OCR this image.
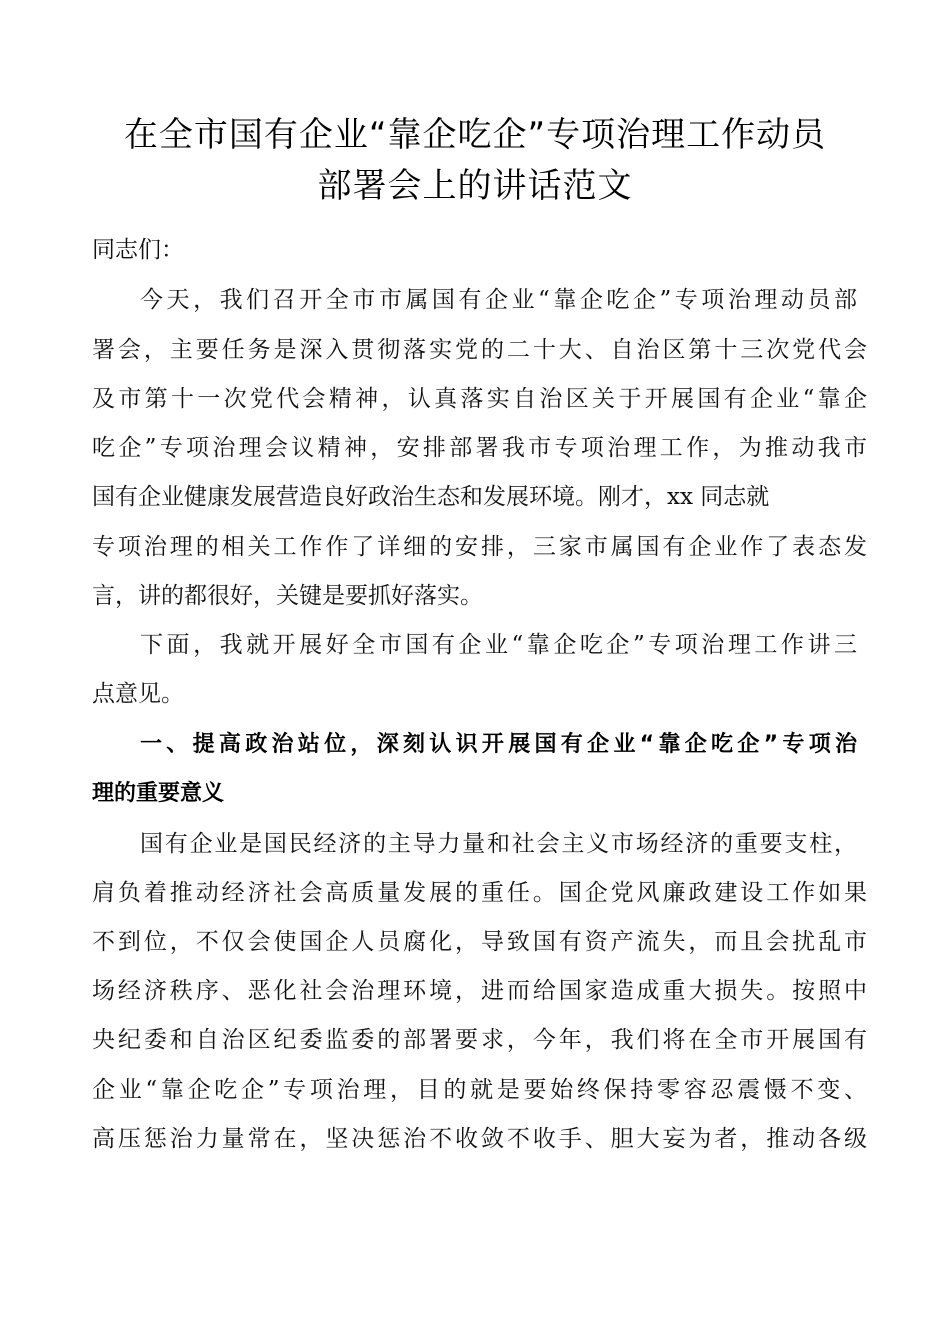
在全市国有企业“靠企吃企”专项治理工作动员
部署会上的讲话范文
同志们：
今天，我们召开全市市属国有企业“靠企吃企”专项治理动员部
署会，主要任务是深入贯彻落实党的二十大、自治区第十三次党代会
及市第十一次党代会精神，认真落实自治区关于开展国有企业“靠企
吃企”专项治理会议精神，安排部署我市专项治理工作，为推动我市
国有企业健康发展营造良好政治生态和发展环境。刚才，xx 同志就
专项治理的相关工作作了详细的安排，三家市属国有企业作了表态发
言，讲的都很好，关键是要抓好落实。
下面，我就开展好全市国有企业“靠企吃企”专项治理工作讲三
点意见。
一、提高政治站位，深刻认识开展国有企业“靠企吃企”专项治
理的重要意义
国有企业是国民经济的主导力量和社会主义市场经济的重要支柱，
肩负着推动经济社会高质量发展的重任。国企党风廉政建设工作如果
不到位，不仅会使国企人员腐化，导致国有资产流失，而且会扰乱市
场经济秩序、恶化社会治理环境，进而给国家造成重大损失。按照中
央纪委和自治区纪委监委的部署要求，今年，我们将在全市开展国有
企业“靠企吃企”专项治理，目的就是要始终保持零容忍震慑不变、
高压惩治力量常在，坚决惩治不收敛不收手、胆大妄为者，推动各级
